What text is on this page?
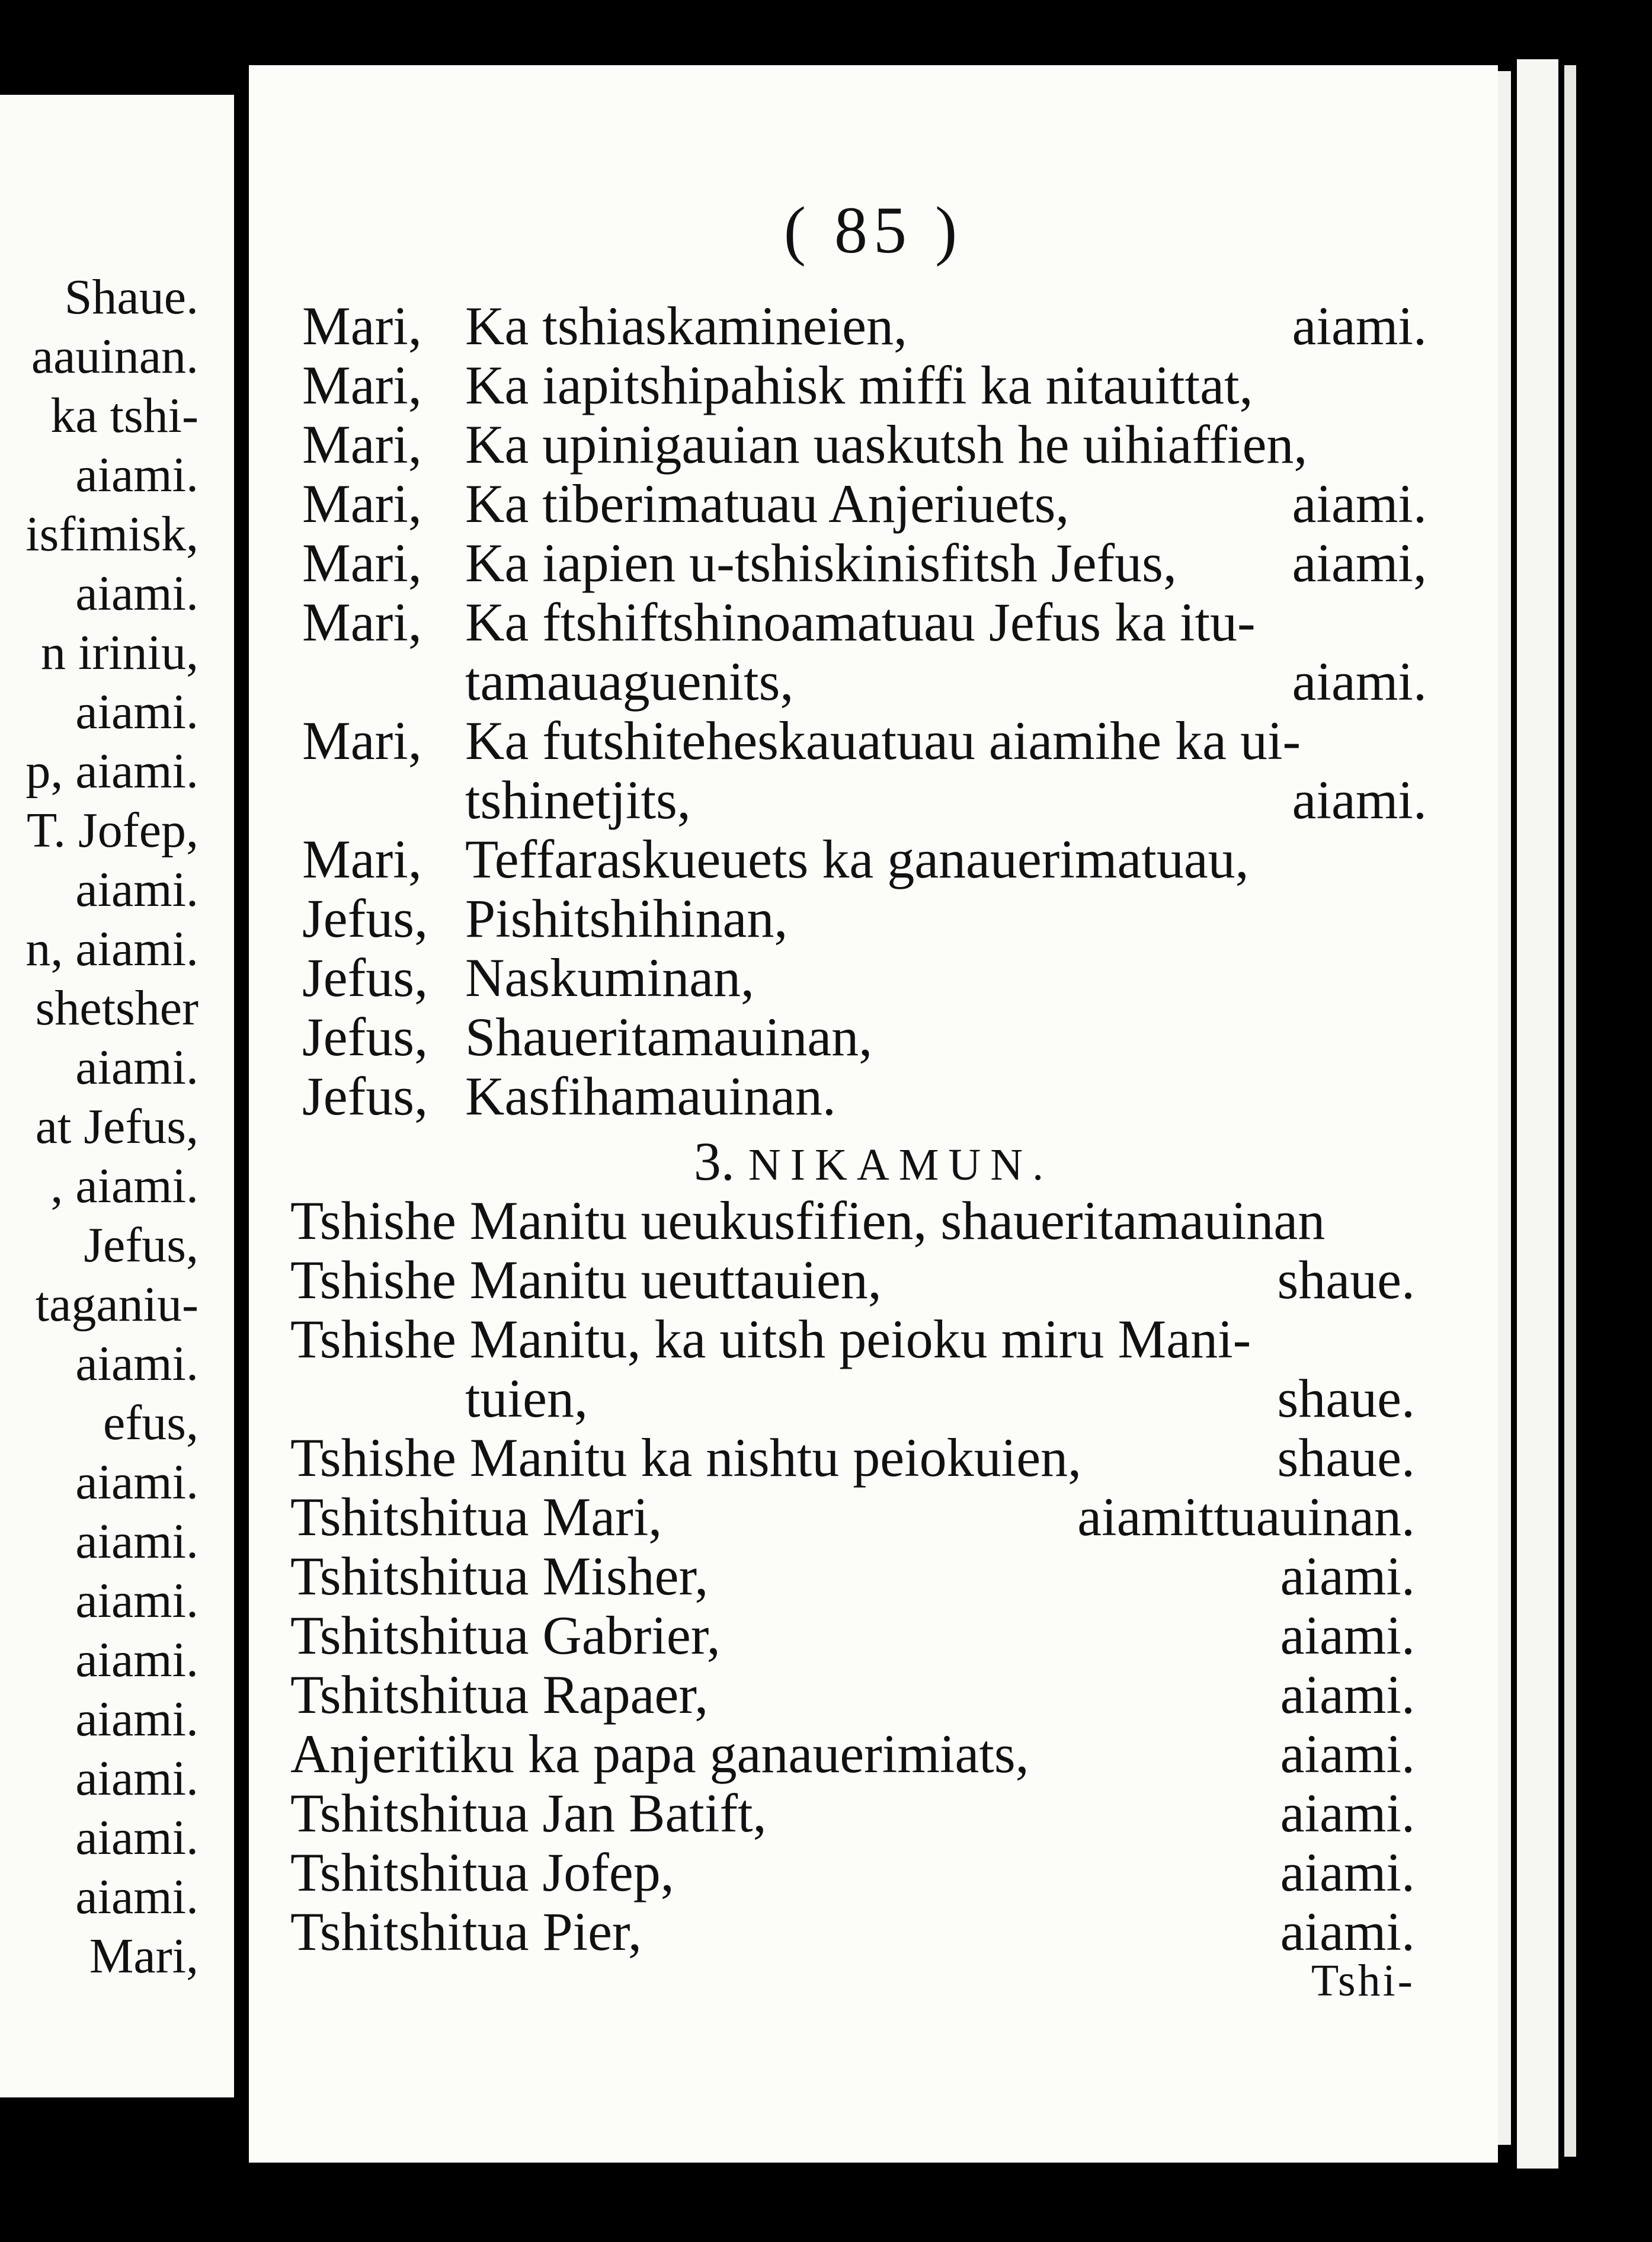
Shaue.
aauinan.
ka tshi-
aiami.
isfimisk,
aiami.
n iriniu,
aiami.
p, aiami.
T. Jofep,
aiami.
n, aiami.
shetsher
aiami.
at Jefus,
, aiami.
Jefus,
taganiu-
aiami.
efus,
aiami.
aiami.
aiami.
aiami.
aiami.
aiami.
aiami.
aiami.
Mari,
( 85 )
Mari, Ka tshiaskamineien,	aiami.
Mari, Ka iapitshipahisk miffi ka nitauittat,
Mari, Ka upinigauian uaskutsh he uihiaffien,
Mari, Ka tiberimatuau Anjeriuets,	aiami.
Mari, Ka iapien u-tshiskinisfitsh Jefus, aiami,
Mari, Ka ftshiftshinoamatuau Jefus ka itu-
tamauaguenits,	aiami.
Mari, Ka futshiteheskauatuau aiamihe ka ui-
tshinetjits,	aiami.
Mari, Teffaraskueuets ka ganauerimatuau,
Jefus, Pishitshihinan,
Jefus, Naskuminan,
Jefus, Shaueritamauinan,
Jefus, Kasfihamauinan.
3. NIKAMUN.
Tshishe Manitu ueukusfifien, shaueritamauinan
Tshishe Manitu ueuttauien,	shaue.
Tshishe Manitu, ka uitsh peioku miru Mani-
tuien,	shaue.
Tshishe Manitu ka nishtu peiokuien,	shaue.
Tshitshitua Mari,	aiamittuauinan.
Tshitshitua Misher,	aiami.
Tshitshitua Gabrier,	aiami.
Tshitshitua Rapaer,	aiami.
Anjeritiku ka papa ganauerimiats,	aiami.
Tshitshitua Jan Batift,	aiami.
Tshitshitua Jofep,	aiami.
Tshitshitua Pier,	aiami.
Tshi-
